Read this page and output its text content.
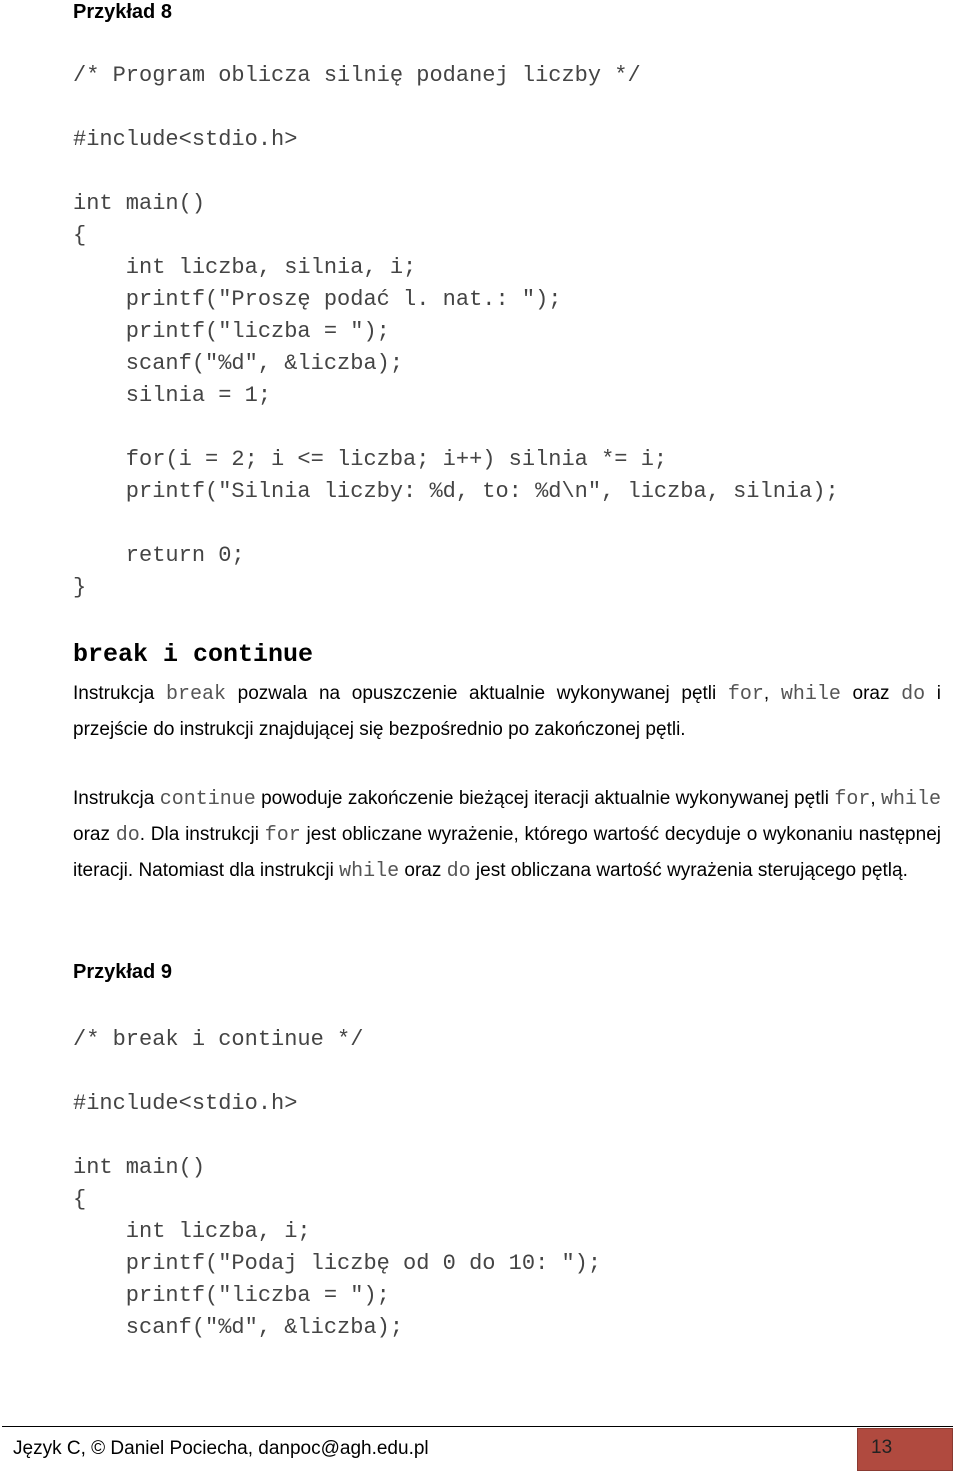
Przykład 8
/* Program oblicza silnię podanej liczby */
#include<stdio.h>
int main()
{
int liczba, silnia, i;
printf("Proszę podać l. nat.: ");
printf("liczba = ");
scanf("%d", &liczba);
silnia = 1;
for(i = 2; i <= liczba; i++) silnia *= i;
printf("Silnia liczby: %d, to: %d\n", liczba, silnia);
return 0;
}
break i continue

Instrukcja break pozwala na opuszczenie aktualnie wykonywanej pętli for, while oraz do i przejście do instrukcji znajdującej się bezpośrednio po zakończonej pętli.

Instrukcja continue powoduje zakończenie bieżącej iteracji aktualnie wykonywanej pętli for, while oraz do. Dla instrukcji for jest obliczane wyrażenie, którego wartość decyduje o wykonaniu następnej iteracji. Natomiast dla instrukcji while oraz do jest obliczana wartość wyrażenia sterującego pętlą.

Przykład 9
/* break i continue */
#include<stdio.h>
int main()
{
int liczba, i;
printf("Podaj liczbę od 0 do 10: ");
printf("liczba = ");
scanf("%d", &liczba);
Język C, © Daniel Pociecha, danpoc@agh.edu.pl	13
